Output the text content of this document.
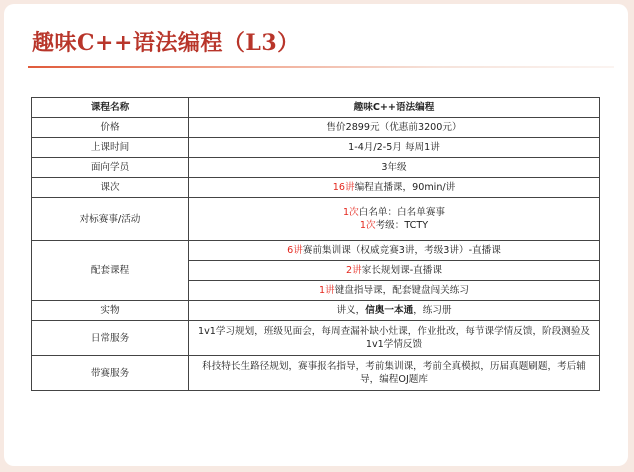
趣味C++语法编程（L3）
课程名称	趣味C++语法编程
价格	售价2899元（优惠前3200元）
上课时间	1-4月/2-5月 每周1讲
面向学员	3年级
课次	16讲编程直播课，90min/讲
对标赛事/活动	1次白名单：白名单赛事
1次考级：TCTY

配套课程	6讲赛前集训课（权威竞赛3讲，考级3讲）-直播课
	2讲家长规划课-直播课
	1讲键盘指导课，配套键盘闯关练习
实物	讲义，信奥一本通，练习册
日常服务	1v1学习规划，班级见面会，每周查漏补缺小灶课，作业批改，每节课学情反馈，阶段测验及1v1学情反馈
带赛服务	科技特长生路径规划，赛事报名指导，考前集训课，考前全真模拟，历届真题刷题，考后辅导，编程OJ题库
